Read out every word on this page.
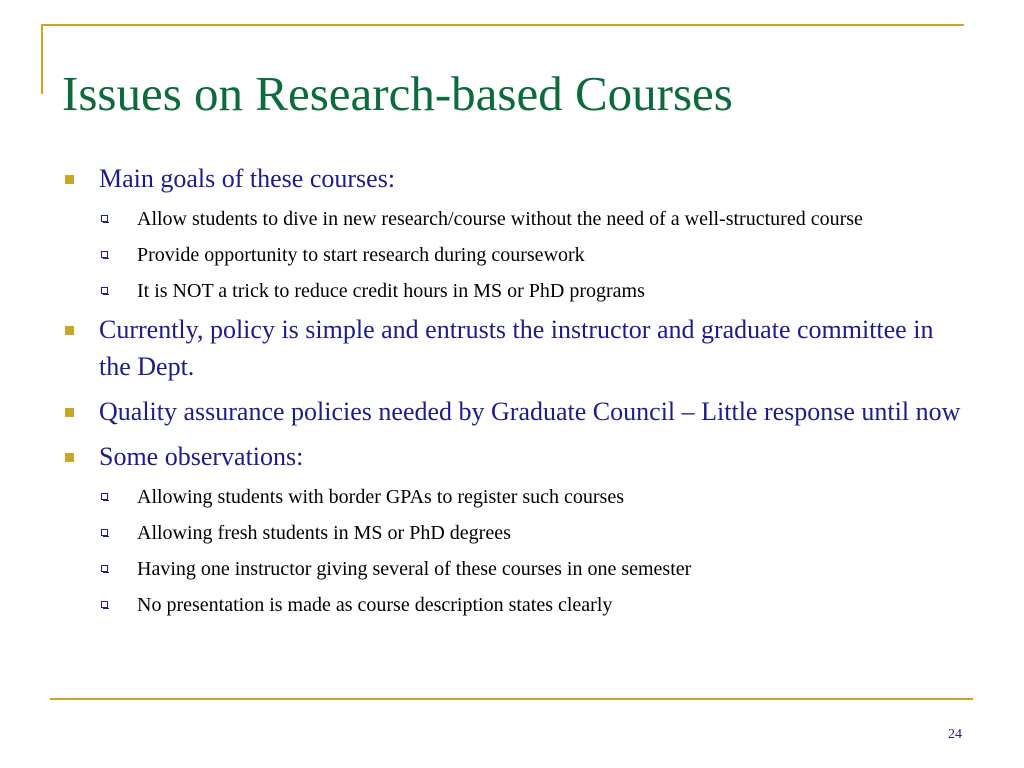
Issues on Research-based Courses
Main goals of these courses:
Allow students to dive in new research/course without the need of a well-structured course
Provide opportunity to start research during coursework
It is NOT a trick to reduce credit hours in MS or PhD programs
Currently, policy is simple and entrusts the instructor and graduate committee in the Dept.
Quality assurance policies needed by Graduate Council – Little response until now
Some observations:
Allowing students with border GPAs to register such courses
Allowing fresh students in MS or PhD degrees
Having one instructor giving several of these courses in one semester
No presentation is made as course description states clearly
24
